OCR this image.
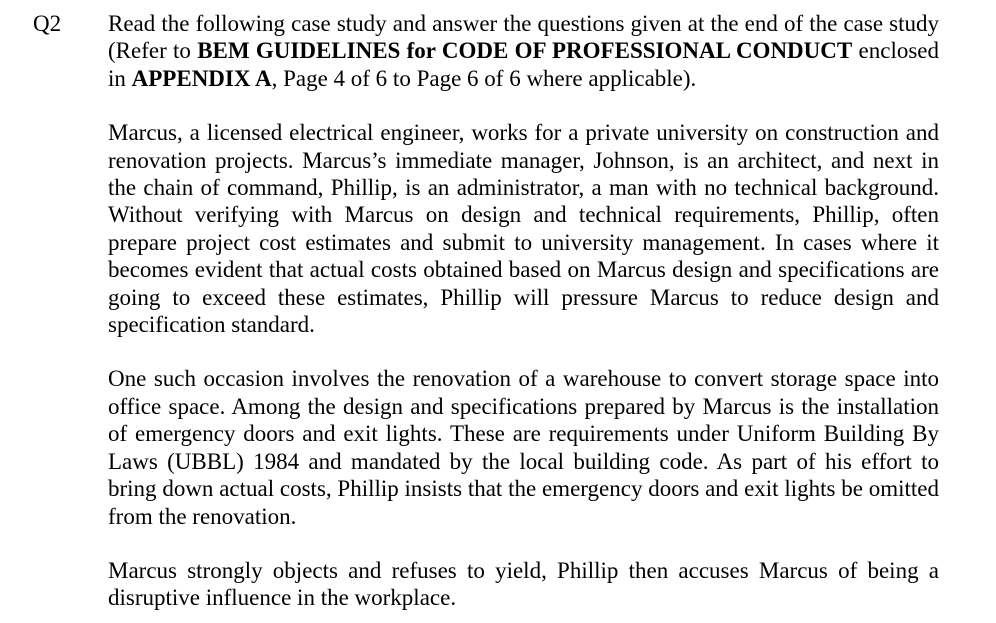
Q2 Read the following case study and answer the questions given at the end of the case study (Refer to BEM GUIDELINES for CODE OF PROFESSIONAL CONDUCT enclosed in APPENDIX A, Page 4 of 6 to Page 6 of 6 where applicable).

Marcus, a licensed electrical engineer, works for a private university on construction and renovation projects. Marcus’s immediate manager, Johnson, is an architect, and next in the chain of command, Phillip, is an administrator, a man with no technical background. Without verifying with Marcus on design and technical requirements, Phillip, often prepare project cost estimates and submit to university management. In cases where it becomes evident that actual costs obtained based on Marcus design and specifications are going to exceed these estimates, Phillip will pressure Marcus to reduce design and specification standard.

One such occasion involves the renovation of a warehouse to convert storage space into office space. Among the design and specifications prepared by Marcus is the installation of emergency doors and exit lights. These are requirements under Uniform Building By Laws (UBBL) 1984 and mandated by the local building code. As part of his effort to bring down actual costs, Phillip insists that the emergency doors and exit lights be omitted from the renovation.

Marcus strongly objects and refuses to yield, Phillip then accuses Marcus of being a disruptive influence in the workplace.
